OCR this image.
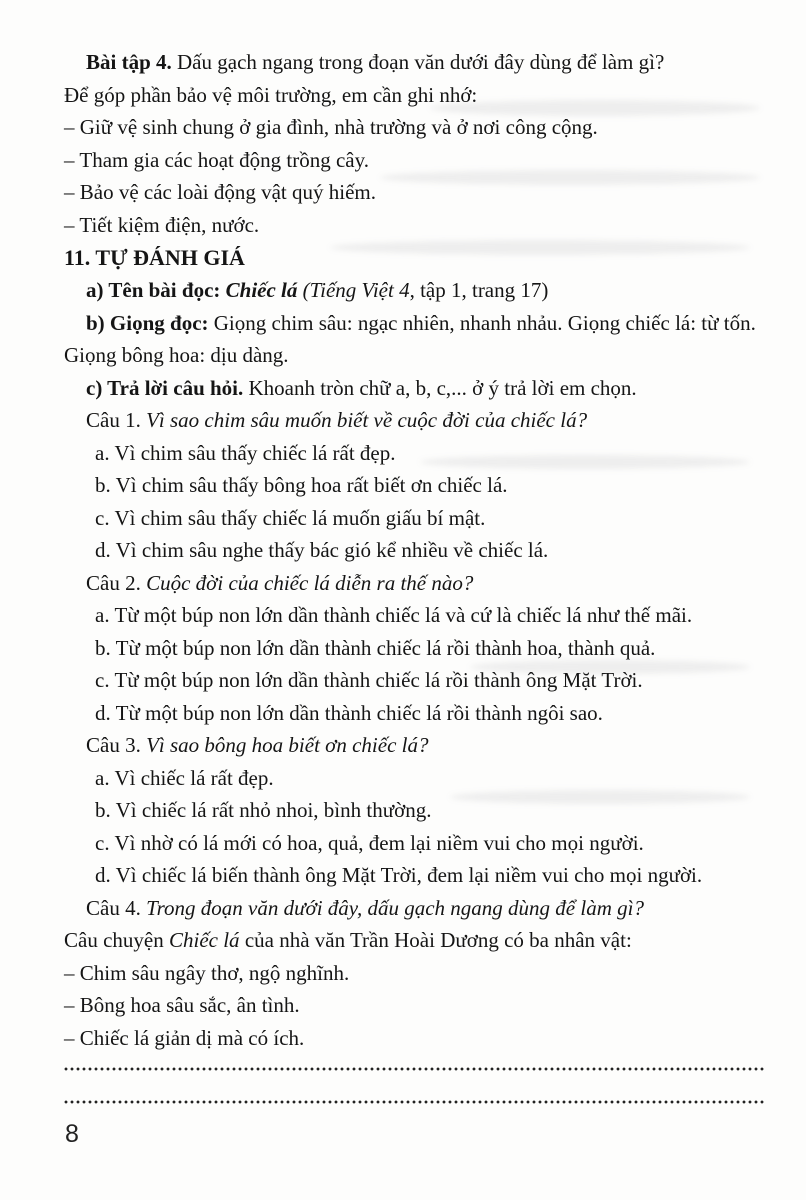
Bài tập 4. Dấu gạch ngang trong đoạn văn dưới đây dùng để làm gì?

Để góp phần bảo vệ môi trường, em cần ghi nhớ:

– Giữ vệ sinh chung ở gia đình, nhà trường và ở nơi công cộng.

– Tham gia các hoạt động trồng cây.

– Bảo vệ các loài động vật quý hiếm.

– Tiết kiệm điện, nước.

11. TỰ ĐÁNH GIÁ

a) Tên bài đọc: Chiếc lá (Tiếng Việt 4, tập 1, trang 17)

b) Giọng đọc: Giọng chim sâu: ngạc nhiên, nhanh nhảu. Giọng chiếc lá: từ tốn.

Giọng bông hoa: dịu dàng.

c) Trả lời câu hỏi. Khoanh tròn chữ a, b, c,... ở ý trả lời em chọn.

Câu 1. Vì sao chim sâu muốn biết về cuộc đời của chiếc lá?

a. Vì chim sâu thấy chiếc lá rất đẹp.

b. Vì chim sâu thấy bông hoa rất biết ơn chiếc lá.

c. Vì chim sâu thấy chiếc lá muốn giấu bí mật.

d. Vì chim sâu nghe thấy bác gió kể nhiều về chiếc lá.

Câu 2. Cuộc đời của chiếc lá diễn ra thế nào?

a. Từ một búp non lớn dần thành chiếc lá và cứ là chiếc lá như thế mãi.

b. Từ một búp non lớn dần thành chiếc lá rồi thành hoa, thành quả.

c. Từ một búp non lớn dần thành chiếc lá rồi thành ông Mặt Trời.

d. Từ một búp non lớn dần thành chiếc lá rồi thành ngôi sao.

Câu 3. Vì sao bông hoa biết ơn chiếc lá?

a. Vì chiếc lá rất đẹp.

b. Vì chiếc lá rất nhỏ nhoi, bình thường.

c. Vì nhờ có lá mới có hoa, quả, đem lại niềm vui cho mọi người.

d. Vì chiếc lá biến thành ông Mặt Trời, đem lại niềm vui cho mọi người.

Câu 4. Trong đoạn văn dưới đây, dấu gạch ngang dùng để làm gì?

Câu chuyện Chiếc lá của nhà văn Trần Hoài Dương có ba nhân vật:

– Chim sâu ngây thơ, ngộ nghĩnh.

– Bông hoa sâu sắc, ân tình.

– Chiếc lá giản dị mà có ích.

8
